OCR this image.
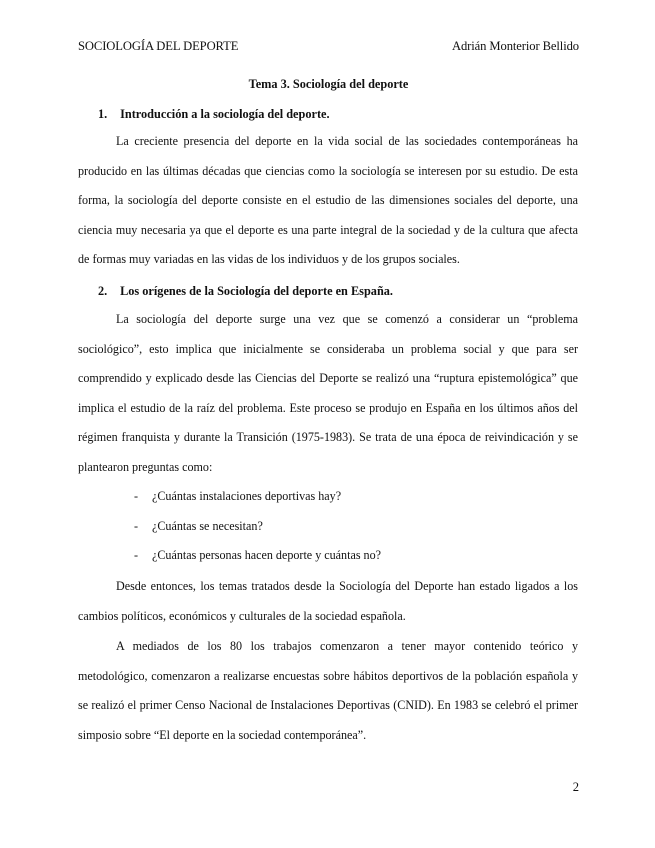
SOCIOLOGÍA DEL DEPORTE	Adrián Monterior Bellido
Tema 3. Sociología del deporte
1. Introducción a la sociología del deporte.

La creciente presencia del deporte en la vida social de las sociedades contemporáneas ha producido en las últimas décadas que ciencias como la sociología se interesen por su estudio. De esta forma, la sociología del deporte consiste en el estudio de las dimensiones sociales del deporte, una ciencia muy necesaria ya que el deporte es una parte integral de la sociedad y de la cultura que afecta de formas muy variadas en las vidas de los individuos y de los grupos sociales.

2. Los orígenes de la Sociología del deporte en España.

La sociología del deporte surge una vez que se comenzó a considerar un “problema sociológico”, esto implica que inicialmente se consideraba un problema social y que para ser comprendido y explicado desde las Ciencias del Deporte se realizó una “ruptura epistemológica” que implica el estudio de la raíz del problema. Este proceso se produjo en España en los últimos años del régimen franquista y durante la Transición (1975-1983). Se trata de una época de reivindicación y se plantearon preguntas como:

- ¿Cuántas instalaciones deportivas hay?
- ¿Cuántas se necesitan?
- ¿Cuántas personas hacen deporte y cuántas no?

Desde entonces, los temas tratados desde la Sociología del Deporte han estado ligados a los cambios políticos, económicos y culturales de la sociedad española.

A mediados de los 80 los trabajos comenzaron a tener mayor contenido teórico y metodológico, comenzaron a realizarse encuestas sobre hábitos deportivos de la población española y se realizó el primer Censo Nacional de Instalaciones Deportivas (CNID). En 1983 se celebró el primer simposio sobre “El deporte en la sociedad contemporánea”.

2
